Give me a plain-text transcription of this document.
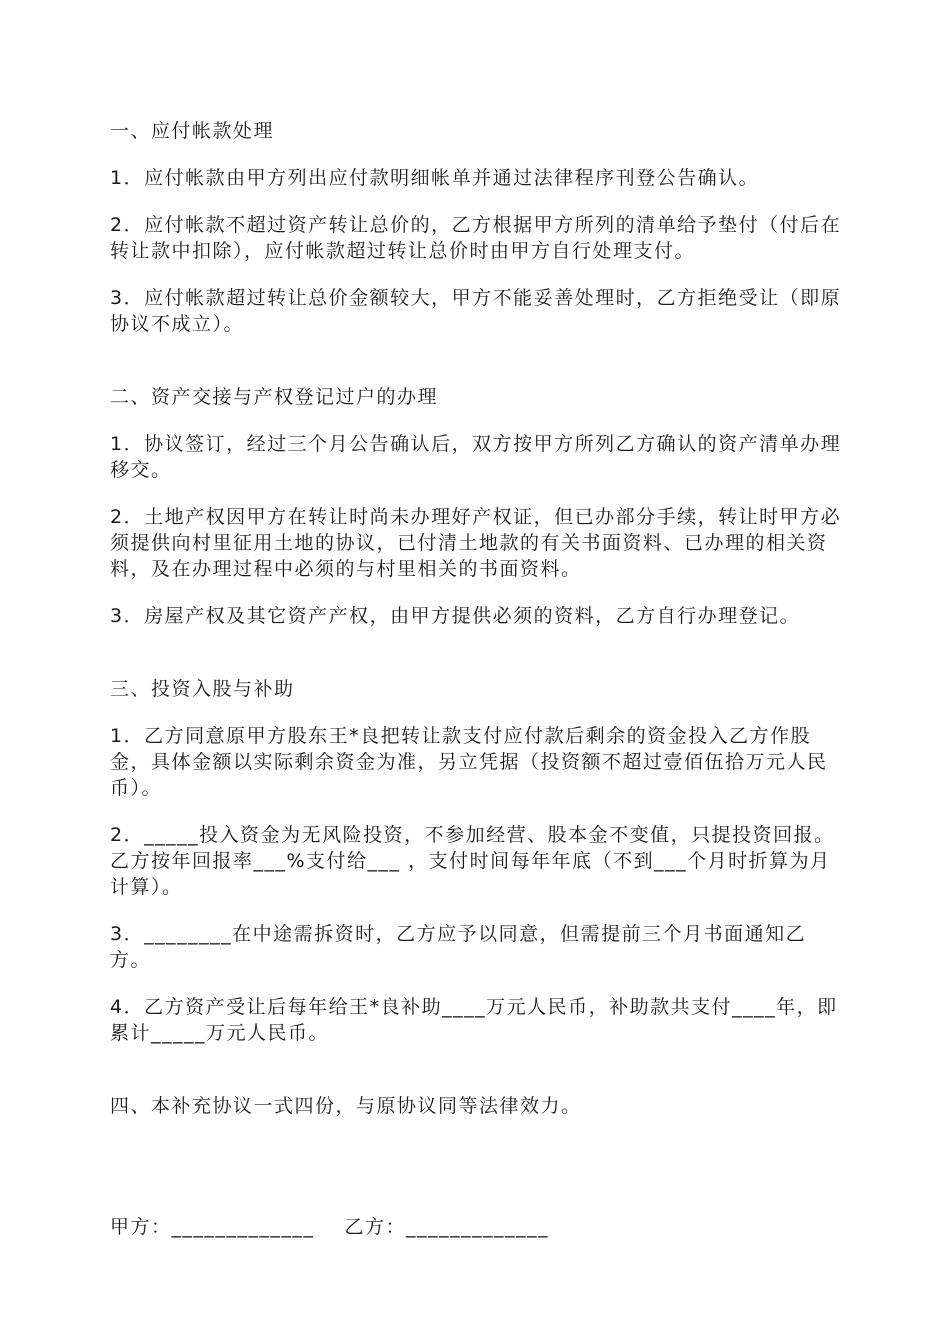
一、应付帐款处理

1．应付帐款由甲方列出应付款明细帐单并通过法律程序刊登公告确认。

2．应付帐款不超过资产转让总价的，乙方根据甲方所列的清单给予垫付（付后在转让款中扣除），应付帐款超过转让总价时由甲方自行处理支付。

3．应付帐款超过转让总价金额较大，甲方不能妥善处理时，乙方拒绝受让（即原协议不成立）。

二、资产交接与产权登记过户的办理

1．协议签订，经过三个月公告确认后，双方按甲方所列乙方确认的资产清单办理移交。

2．土地产权因甲方在转让时尚未办理好产权证，但已办部分手续，转让时甲方必须提供向村里征用土地的协议，已付清土地款的有关书面资料、已办理的相关资料，及在办理过程中必须的与村里相关的书面资料。

3．房屋产权及其它资产产权，由甲方提供必须的资料，乙方自行办理登记。

三、投资入股与补助

1．乙方同意原甲方股东王*良把转让款支付应付款后剩余的资金投入乙方作股金，具体金额以实际剩余资金为准，另立凭据（投资额不超过壹佰伍拾万元人民币）。

2．_____投入资金为无风险投资，不参加经营、股本金不变值，只提投资回报。乙方按年回报率___%支付给___ ，支付时间每年年底（不到___个月时折算为月计算）。

3．________在中途需拆资时，乙方应予以同意，但需提前三个月书面通知乙方。

4．乙方资产受让后每年给王*良补助____万元人民币，补助款共支付____年，即累计_____万元人民币。

四、本补充协议一式四份，与原协议同等法律效力。

甲方：_____________ 乙方：_____________
